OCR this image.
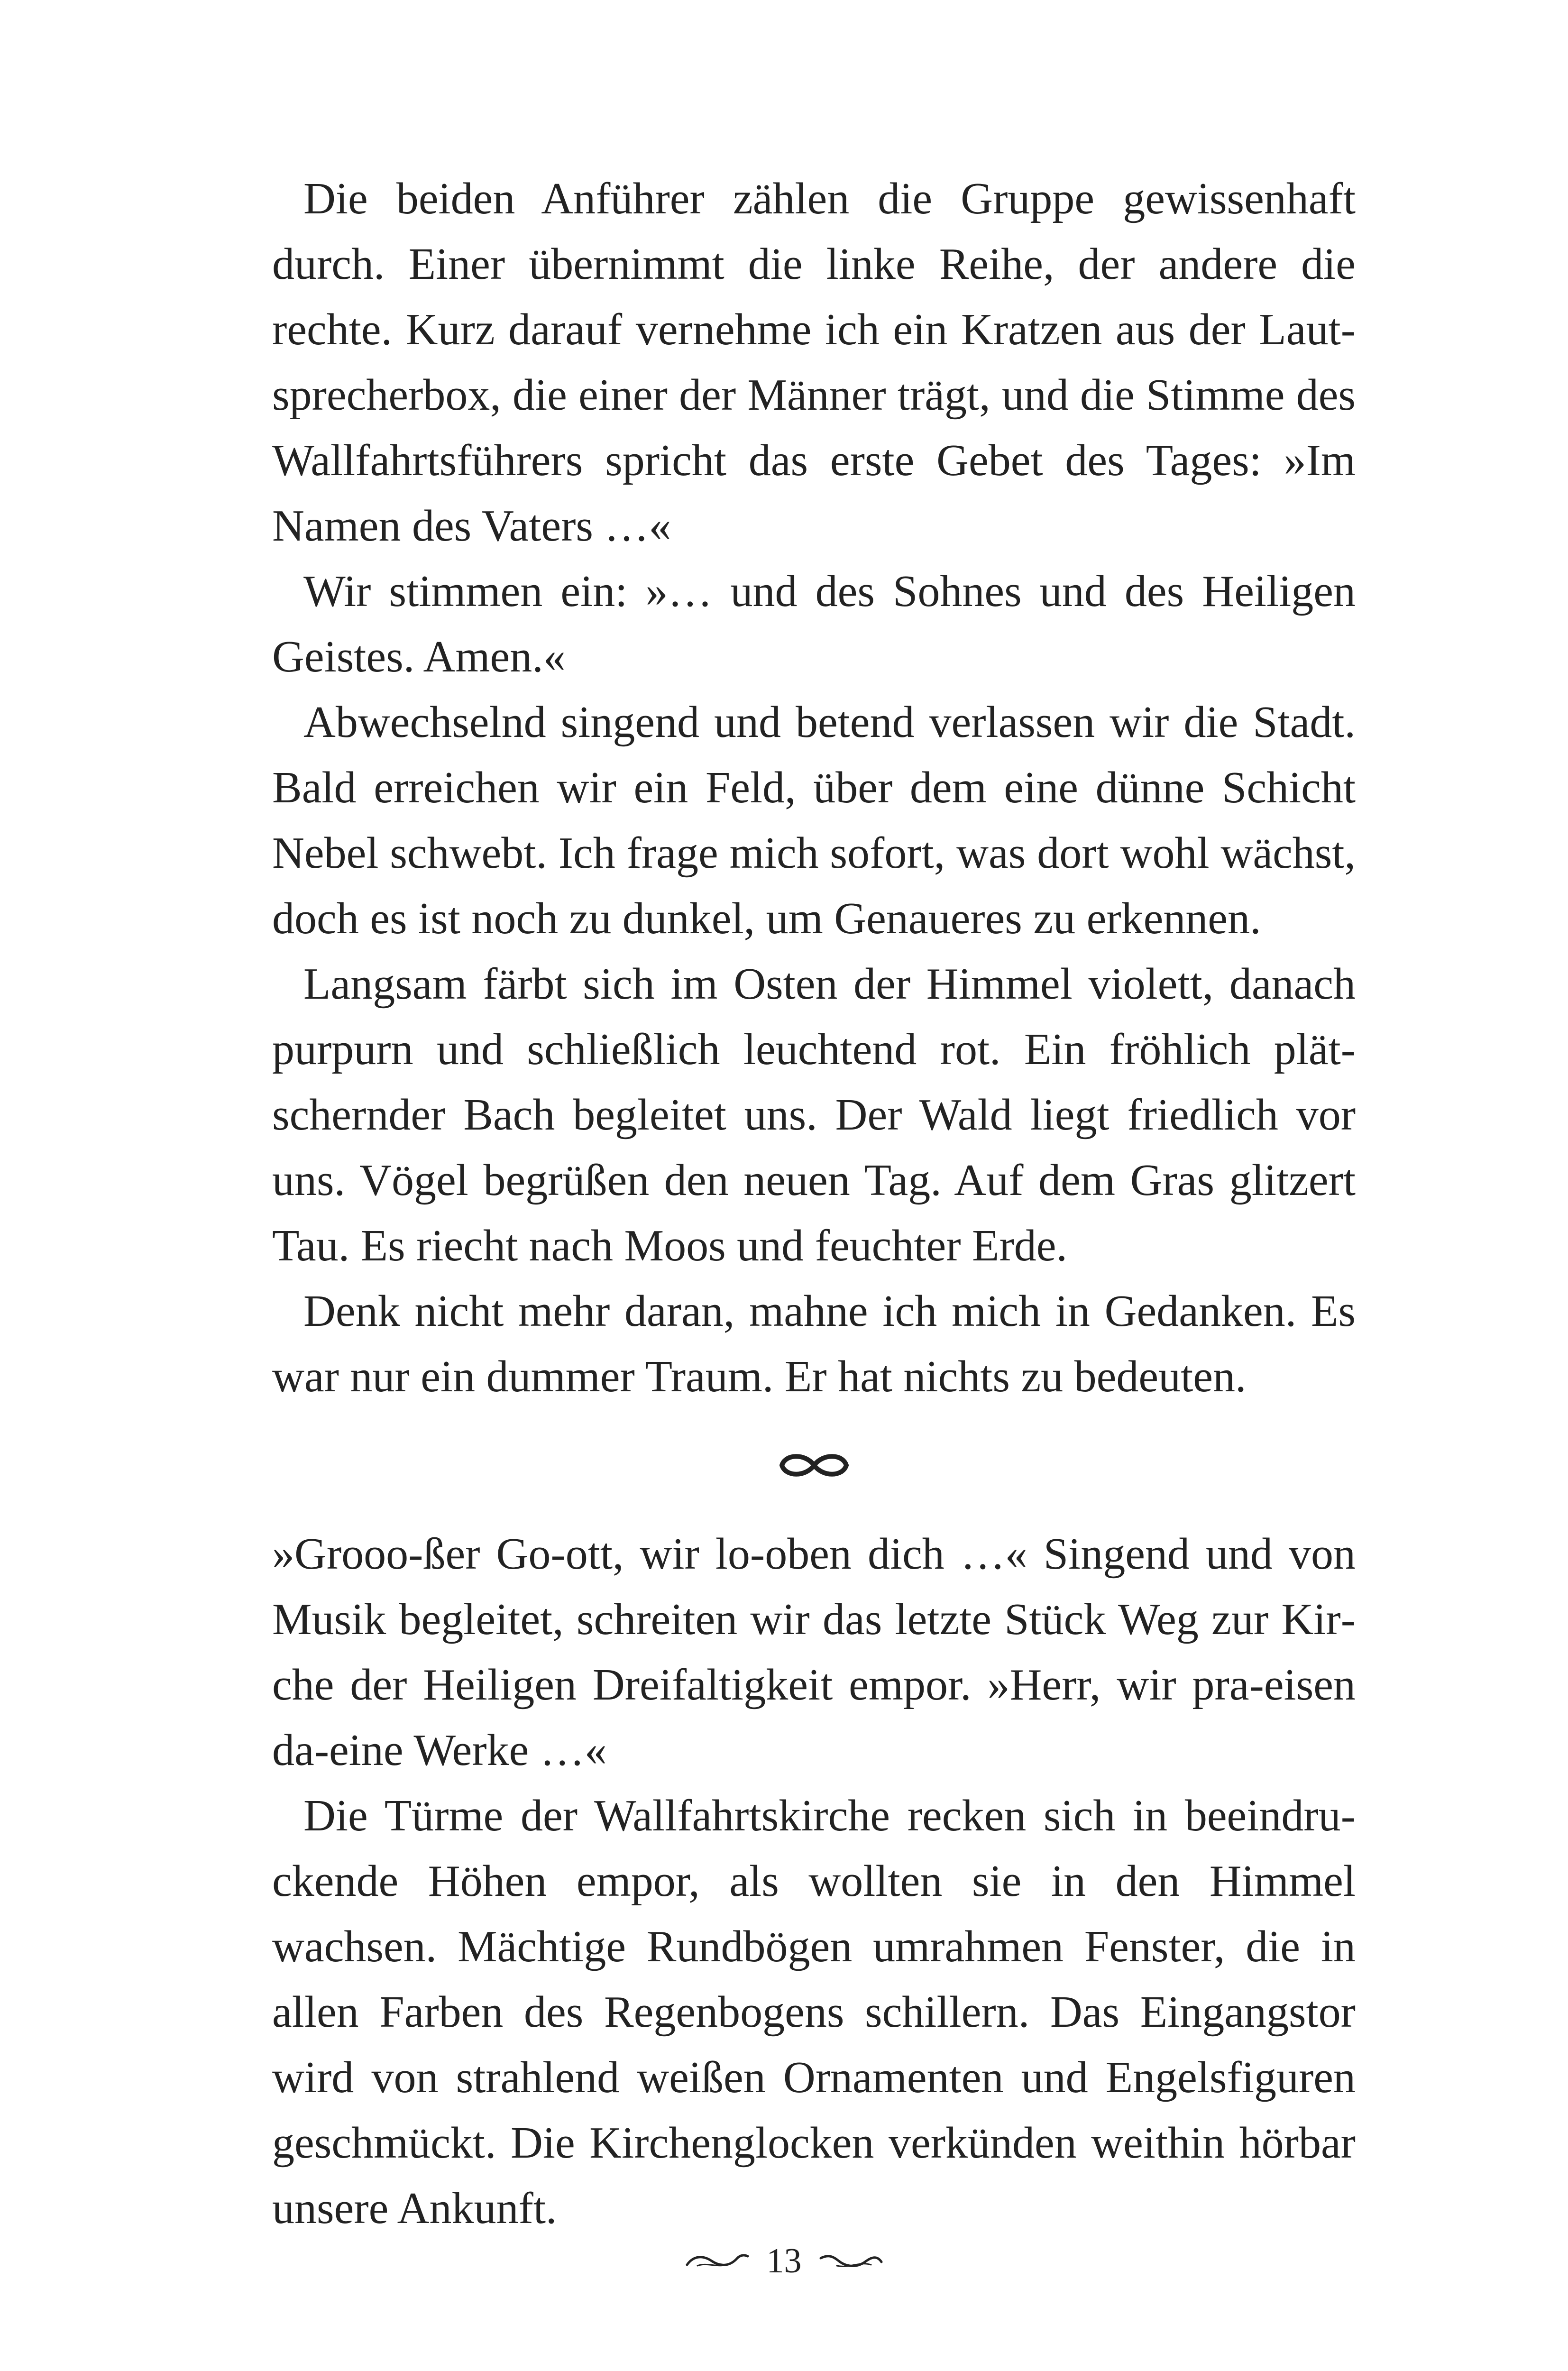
Die beiden Anführer zählen die Gruppe gewissenhaft durch. Einer übernimmt die linke Reihe, der andere die rechte. Kurz darauf vernehme ich ein Kratzen aus der Lautsprecherbox, die einer der Männer trägt, und die Stimme des Wallfahrtsführers spricht das erste Gebet des Tages: »Im Namen des Vaters …«

Wir stimmen ein: »… und des Sohnes und des Heiligen Geistes. Amen.«

Abwechselnd singend und betend verlassen wir die Stadt. Bald erreichen wir ein Feld, über dem eine dünne Schicht Nebel schwebt. Ich frage mich sofort, was dort wohl wächst, doch es ist noch zu dunkel, um Genaueres zu erkennen.

Langsam färbt sich im Osten der Himmel violett, danach purpurn und schließlich leuchtend rot. Ein fröhlich plätschernder Bach begleitet uns. Der Wald liegt friedlich vor uns. Vögel begrüßen den neuen Tag. Auf dem Gras glitzert Tau. Es riecht nach Moos und feuchter Erde.

Denk nicht mehr daran, mahne ich mich in Gedanken. Es war nur ein dummer Traum. Er hat nichts zu bedeuten.

»Grooo-ßer Go-ott, wir lo-oben dich …« Singend und von Musik begleitet, schreiten wir das letzte Stück Weg zur Kirche der Heiligen Dreifaltigkeit empor. »Herr, wir pra-eisen da-eine Werke …«

Die Türme der Wallfahrtskirche recken sich in beeindruckende Höhen empor, als wollten sie in den Himmel wachsen. Mächtige Rundbögen umrahmen Fenster, die in allen Farben des Regenbogens schillern. Das Eingangstor wird von strahlend weißen Ornamenten und Engelsfiguren geschmückt. Die Kirchenglocken verkünden weithin hörbar unsere Ankunft.

13
